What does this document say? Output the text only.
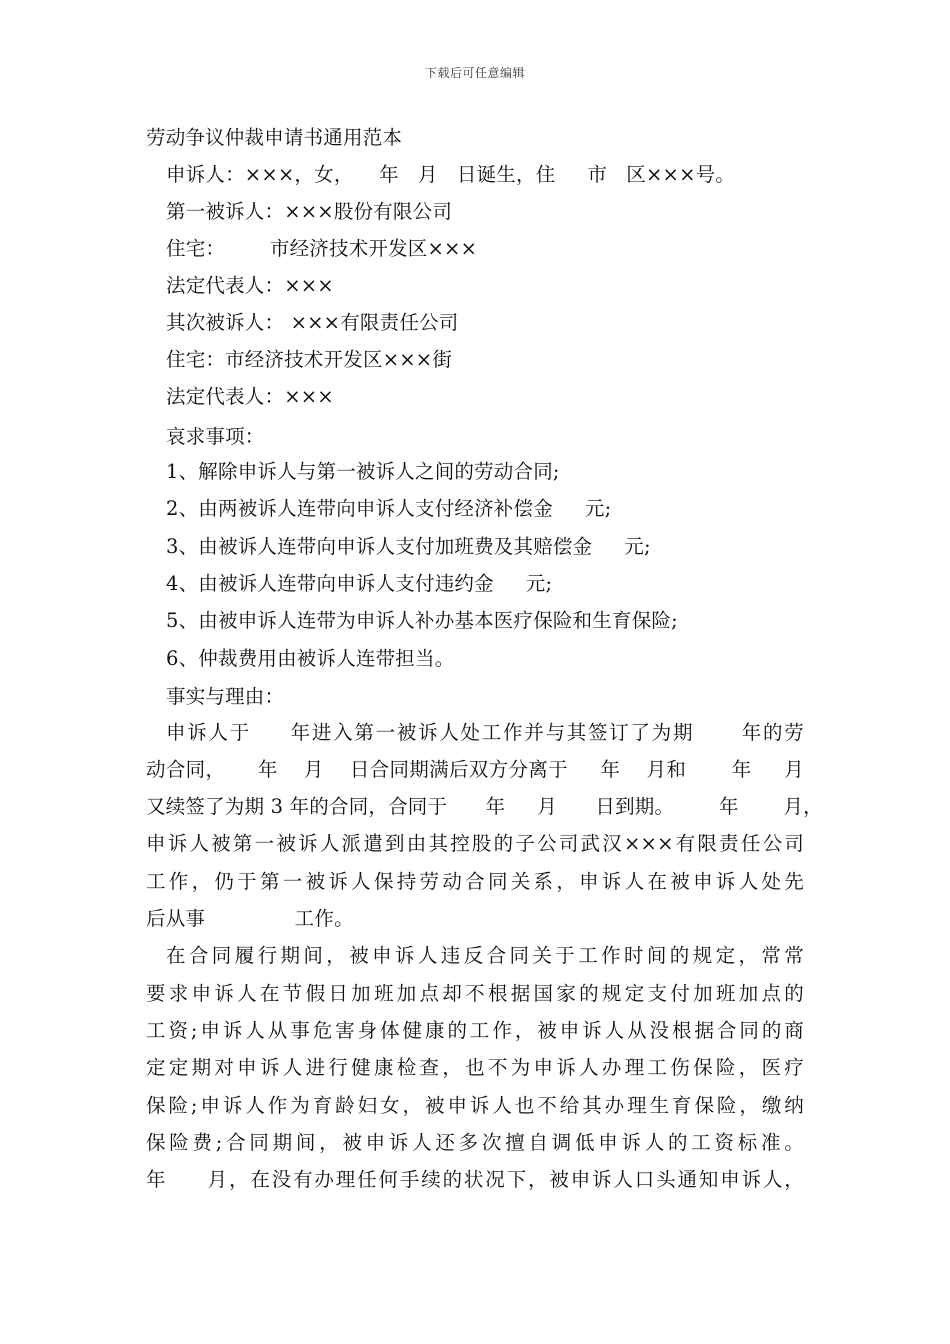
下载后可任意编辑
劳动争议仲裁申请书通用范本
申诉人：×××，女，    年   月   日诞生，住     市   区×××号。
第一被诉人：×××股份有限公司
住宅：       市经济技术开发区×××
法定代表人：×××
其次被诉人： ×××有限责任公司
住宅：市经济技术开发区×××街
法定代表人：×××
哀求事项：
1、解除申诉人与第一被诉人之间的劳动合同;
2、由两被诉人连带向申诉人支付经济补偿金     元;
3、由被诉人连带向申诉人支付加班费及其赔偿金     元;
4、由被诉人连带向申诉人支付违约金     元;
5、由被申诉人连带为申诉人补办基本医疗保险和生育保险;
6、仲裁费用由被诉人连带担当。
事实与理由：
申诉人于     年进入第一被诉人处工作并与其签订了为期      年的劳
动合同，     年    月    日合同期满后双方分离于     年    月和       年     月
又续签了为期 3 年的合同，合同于      年     月      日到期。       年       月，
申诉人被第一被诉人派遣到由其控股的子公司武汉×××有限责任公司
工作，仍于第一被诉人保持劳动合同关系，申诉人在被申诉人处先
后从事              工作。
在合同履行期间，被申诉人违反合同关于工作时间的规定，常常
要求申诉人在节假日加班加点却不根据国家的规定支付加班加点的
工资;申诉人从事危害身体健康的工作，被申诉人从没根据合同的商
定定期对申诉人进行健康检查，也不为申诉人办理工伤保险，医疗
保险;申诉人作为育龄妇女，被申诉人也不给其办理生育保险，缴纳
保险费;合同期间，被申诉人还多次擅自调低申诉人的工资标准。
年     月，在没有办理任何手续的状况下，被申诉人口头通知申诉人，
